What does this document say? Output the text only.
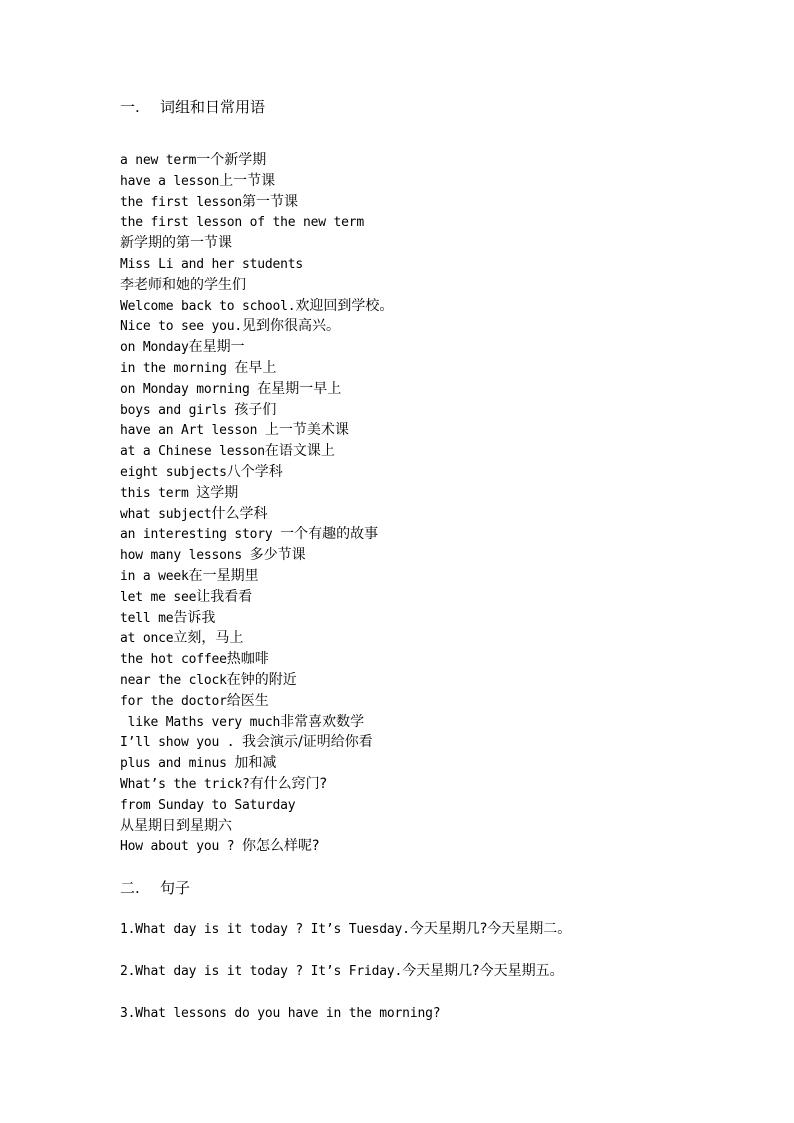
一. 词组和日常用语
a new term一个新学期
have a lesson上一节课
the first lesson第一节课
the first lesson of the new term
新学期的第一节课
Miss Li and her students
李老师和她的学生们
Welcome back to school.欢迎回到学校。
Nice to see you.见到你很高兴。
on Monday在星期一
in the morning 在早上
on Monday morning 在星期一早上
boys and girls 孩子们
have an Art lesson 上一节美术课
at a Chinese lesson在语文课上
eight subjects八个学科
this term 这学期
what subject什么学科
an interesting story 一个有趣的故事
how many lessons 多少节课
in a week在一星期里
let me see让我看看
tell me告诉我
at once立刻，马上
the hot coffee热咖啡
near the clock在钟的附近
for the doctor给医生
like Maths very much非常喜欢数学
I’ll show you . 我会演示/证明给你看
plus and minus 加和减
What’s the trick?有什么窍门?
from Sunday to Saturday
从星期日到星期六
How about you ? 你怎么样呢?
二. 句子
1.What day is it today ? It’s Tuesday.今天星期几?今天星期二。
2.What day is it today ? It’s Friday.今天星期几?今天星期五。
3.What lessons do you have in the morning?
